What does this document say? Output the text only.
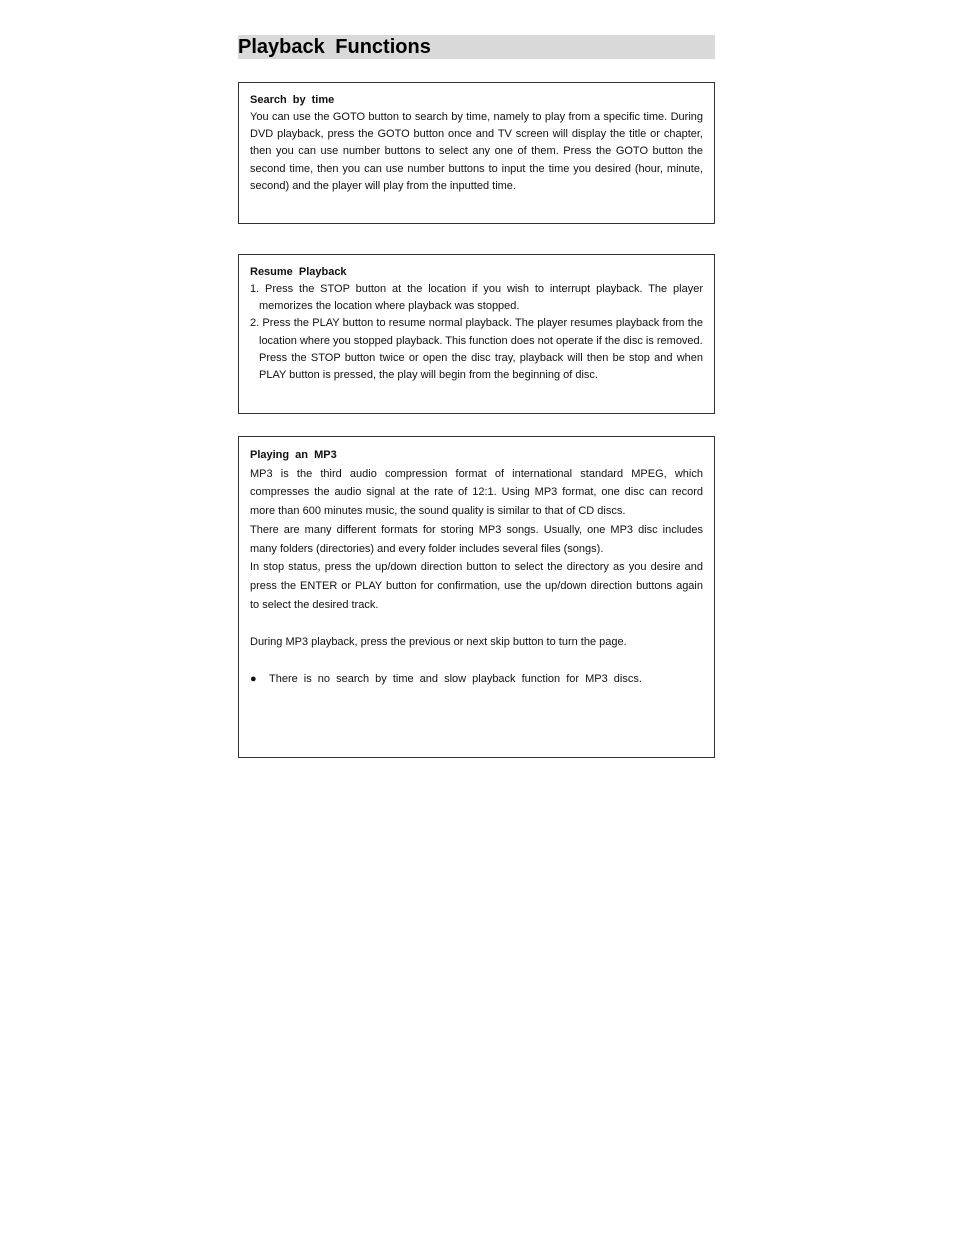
Playback Functions

Search by time

You can use the GOTO button to search by time, namely to play from a specific time. During DVD playback, press the GOTO button once and TV screen will display the title or chapter, then you can use number buttons to select any one of them. Press the GOTO button the second time, then you can use number buttons to input the time you desired (hour, minute, second) and the player will play from the inputted time.

Resume Playback

1. Press the STOP button at the location if you wish to interrupt playback. The player memorizes the location where playback was stopped.

2. Press the PLAY button to resume normal playback. The player resumes playback from the location where you stopped playback. This function does not operate if the disc is removed.

Press the STOP button twice or open the disc tray, playback will then be stop and when PLAY button is pressed, the play will begin from the beginning of disc.

Playing an MP3

MP3 is the third audio compression format of international standard MPEG, which compresses the audio signal at the rate of 12:1. Using MP3 format, one disc can record more than 600 minutes music, the sound quality is similar to that of CD discs.

There are many different formats for storing MP3 songs. Usually, one MP3 disc includes many folders (directories) and every folder includes several files (songs).

In stop status, press the up/down direction button to select the directory as you desire and press the ENTER or PLAY button for confirmation, use the up/down direction buttons again to select the desired track.

During MP3 playback, press the previous or next skip button to turn the page.

●	There is no search by time and slow playback function for MP3 discs.
